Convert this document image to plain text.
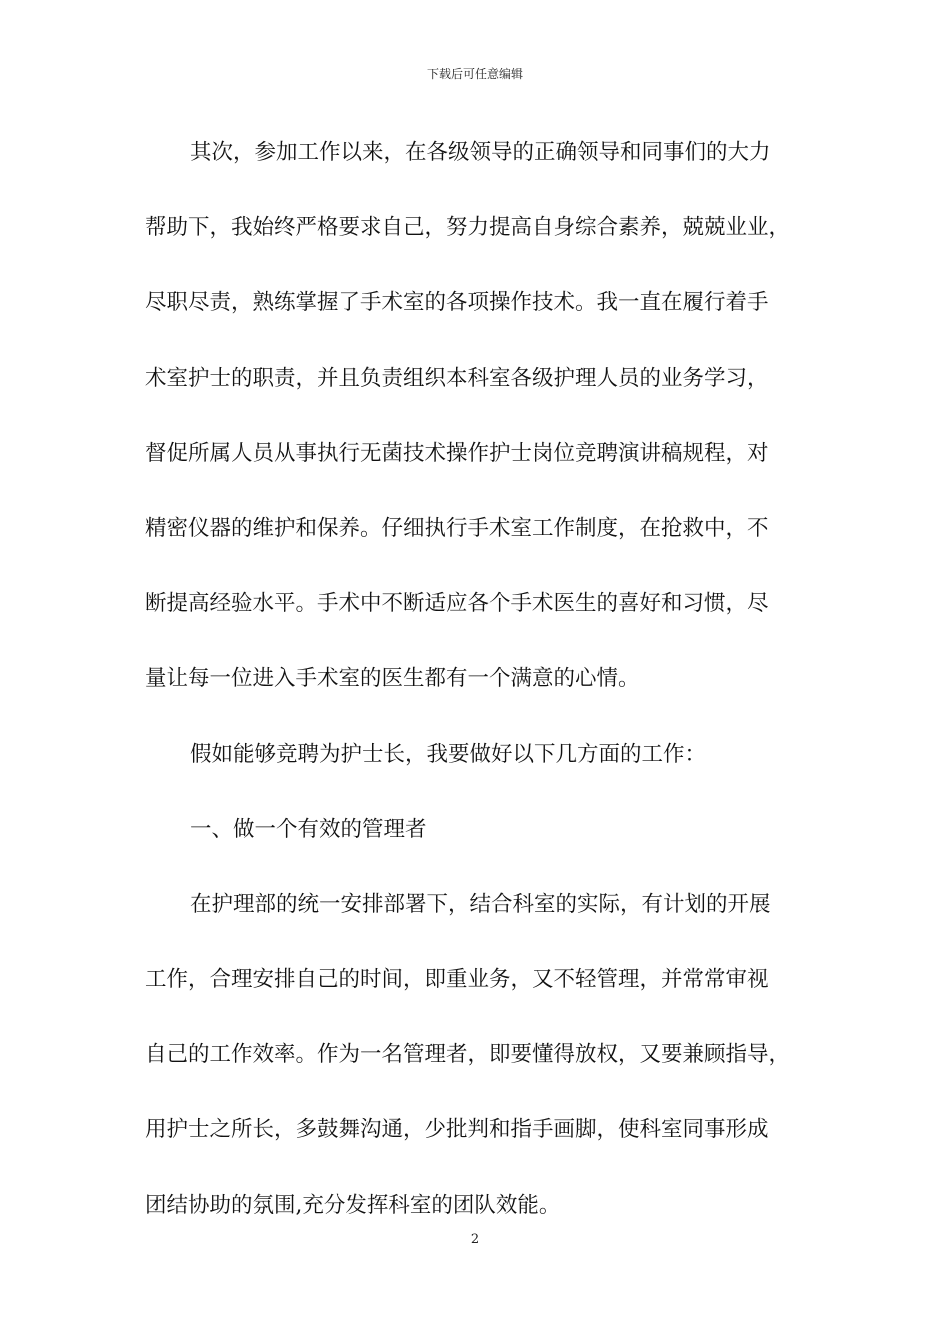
下载后可任意编辑
其次，参加工作以来，在各级领导的正确领导和同事们的大力
帮助下，我始终严格要求自己，努力提高自身综合素养，兢兢业业，
尽职尽责，熟练掌握了手术室的各项操作技术。我一直在履行着手
术室护士的职责，并且负责组织本科室各级护理人员的业务学习，
督促所属人员从事执行无菌技术操作护士岗位竞聘演讲稿规程，对
精密仪器的维护和保养。仔细执行手术室工作制度，在抢救中，不
断提高经验水平。手术中不断适应各个手术医生的喜好和习惯，尽
量让每一位进入手术室的医生都有一个满意的心情。
假如能够竞聘为护士长，我要做好以下几方面的工作：
一、做一个有效的管理者
在护理部的统一安排部署下，结合科室的实际，有计划的开展
工作，合理安排自己的时间，即重业务，又不轻管理，并常常审视
自己的工作效率。作为一名管理者，即要懂得放权，又要兼顾指导，
用护士之所长，多鼓舞沟通，少批判和指手画脚，使科室同事形成
团结协助的氛围,充分发挥科室的团队效能。
2
